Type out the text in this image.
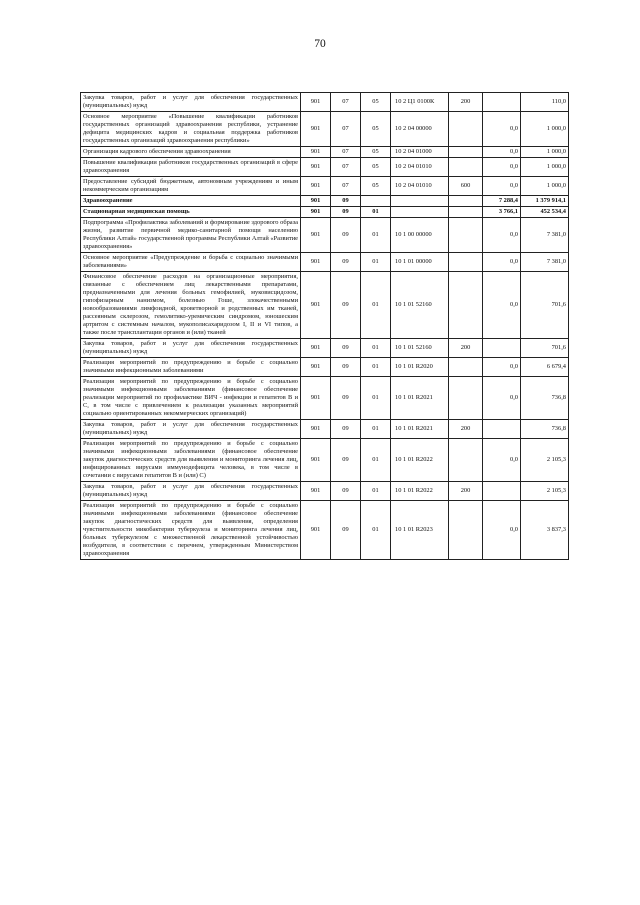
70
Закупка товаров, работ и услуг для обеспечения государственных (муниципальных) нужд	901	07	05	10 2 Ц1 0100К	200		110,0
Основное мероприятие «Повышение квалификации работников государственных организаций здравоохранения республики, устранение дефицита медицинских кадров и социальная поддержка работников государственных организаций здравоохранения республики»	901	07	05	10 2 04 00000		0,0	1 000,0
Организация кадрового обеспечения здравоохранения	901	07	05	10 2 04 01000		0,0	1 000,0
Повышение квалификации работников государственных организаций в сфере здравоохранения	901	07	05	10 2 04 01010		0,0	1 000,0
Предоставление субсидий бюджетным, автономным учреждениям и иным некоммерческим организациям	901	07	05	10 2 04 01010	600	0,0	1 000,0
Здравоохранение	901	09				7 288,4	1 379 914,1
Стационарная медицинская помощь	901	09	01			3 766,1	452 534,4
Подпрограмма «Профилактика заболеваний и формирование здорового образа жизни, развитие первичной медико-санитарной помощи населению Республики Алтай» государственной программы Республики Алтай «Развитие здравоохранения»	901	09	01	10 1 00 00000		0,0	7 381,0
Основное мероприятие «Предупреждение и борьба с социально значимыми заболеваниями»	901	09	01	10 1 01 00000		0,0	7 381,0
Финансовое обеспечение расходов на организационные мероприятия, связанные с обеспечением лиц лекарственными препаратами, предназначенными для лечения больных гемофилией, муковисцидозом, гипофизарным нанизмом, болезнью Гоше, злокачественными новообразованиями лимфоидной, кроветворной и родственных им тканей, рассеянным склерозом, гемолитико-уремическим синдромом, юношеским артритом с системным началом, мукополисахаридозом I, II и VI типов, а также после трансплантации органов и (или) тканей	901	09	01	10 1 01 52160		0,0	701,6
Закупка товаров, работ и услуг для обеспечения государственных (муниципальных) нужд	901	09	01	10 1 01 52160	200		701,6
Реализация мероприятий по предупреждению и борьбе с социально значимыми инфекционными заболеваниями	901	09	01	10 1 01 R2020		0,0	6 679,4
Реализация мероприятий по предупреждению и борьбе с социально значимыми инфекционными заболеваниями (финансовое обеспечение реализации мероприятий по профилактике ВИЧ - инфекции и гепатитов В и С, в том числе с привлечением к реализации указанных мероприятий социально ориентированных некоммерческих организаций)	901	09	01	10 1 01 R2021		0,0	736,8
Закупка товаров, работ и услуг для обеспечения государственных (муниципальных) нужд	901	09	01	10 1 01 R2021	200		736,8
Реализация мероприятий по предупреждению и борьбе с социально значимыми инфекционными заболеваниями (финансовое обеспечение закупок диагностических средств для выявления и мониторинга лечения лиц, инфицированных вирусами иммунодефицита человека, в том числе в сочетании с вирусами гепатитов В и (или) С)	901	09	01	10 1 01 R2022		0,0	2 105,3
Закупка товаров, работ и услуг для обеспечения государственных (муниципальных) нужд	901	09	01	10 1 01 R2022	200		2 105,3
Реализация мероприятий по предупреждению и борьбе с социально значимыми инфекционными заболеваниями (финансовое обеспечение закупок диагностических средств для выявления, определения чувствительности микобактерии туберкулеза и мониторинга лечения лиц, больных туберкулезом с множественной лекарственной устойчивостью возбудителя, в соответствии с перечнем, утвержденным Министерством здравоохранения	901	09	01	10 1 01 R2023		0,0	3 837,3
